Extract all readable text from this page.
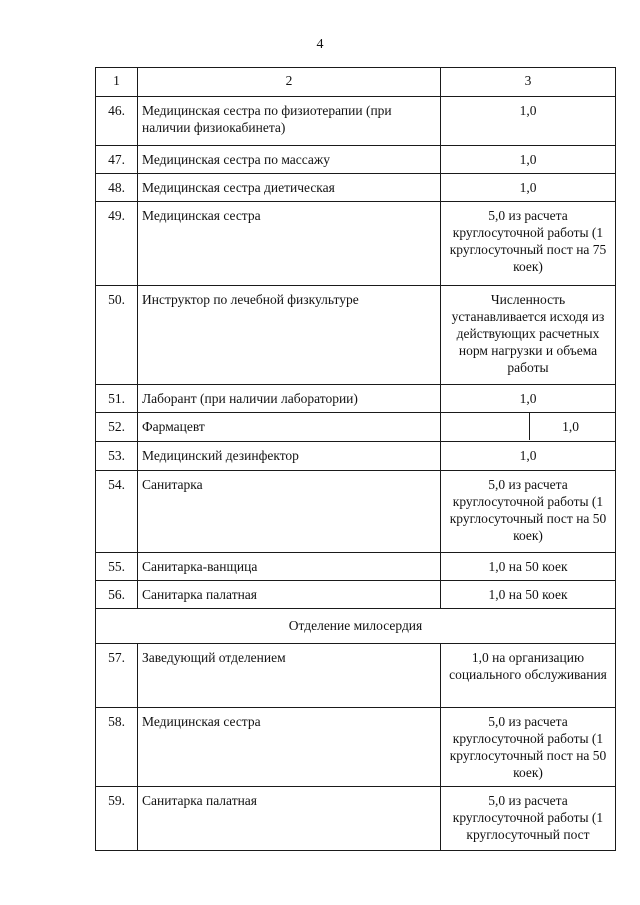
4
1	2	3
46.	Медицинская сестра по физиотерапии (при наличии физиокабинета)	1,0
47.	Медицинская сестра по массажу	1,0
48.	Медицинская сестра диетическая	1,0
49.	Медицинская сестра	5,0 из расчета круглосуточной работы (1 круглосуточный пост на 75 коек)
50.	Инструктор по лечебной физкультуре	Численность устанавливается исходя из действующих расчетных норм нагрузки и объема работы
51.	Лаборант (при наличии лаборатории)	1,0
52.	Фармацевт	1,0

53.	Медицинский дезинфектор	1,0
54.	Санитарка	5,0 из расчета круглосуточной работы (1 круглосуточный пост на 50 коек)
55.	Санитарка-ванщица	1,0 на 50 коек
56.	Санитарка палатная	1,0 на 50 коек
Отделение милосердия		
57.	Заведующий отделением	1,0 на организацию социального обслуживания
58.	Медицинская сестра	5,0 из расчета круглосуточной работы (1 круглосуточный пост на 50 коек)
59.	Санитарка палатная	5,0 из расчета круглосуточной работы (1 круглосуточный пост
